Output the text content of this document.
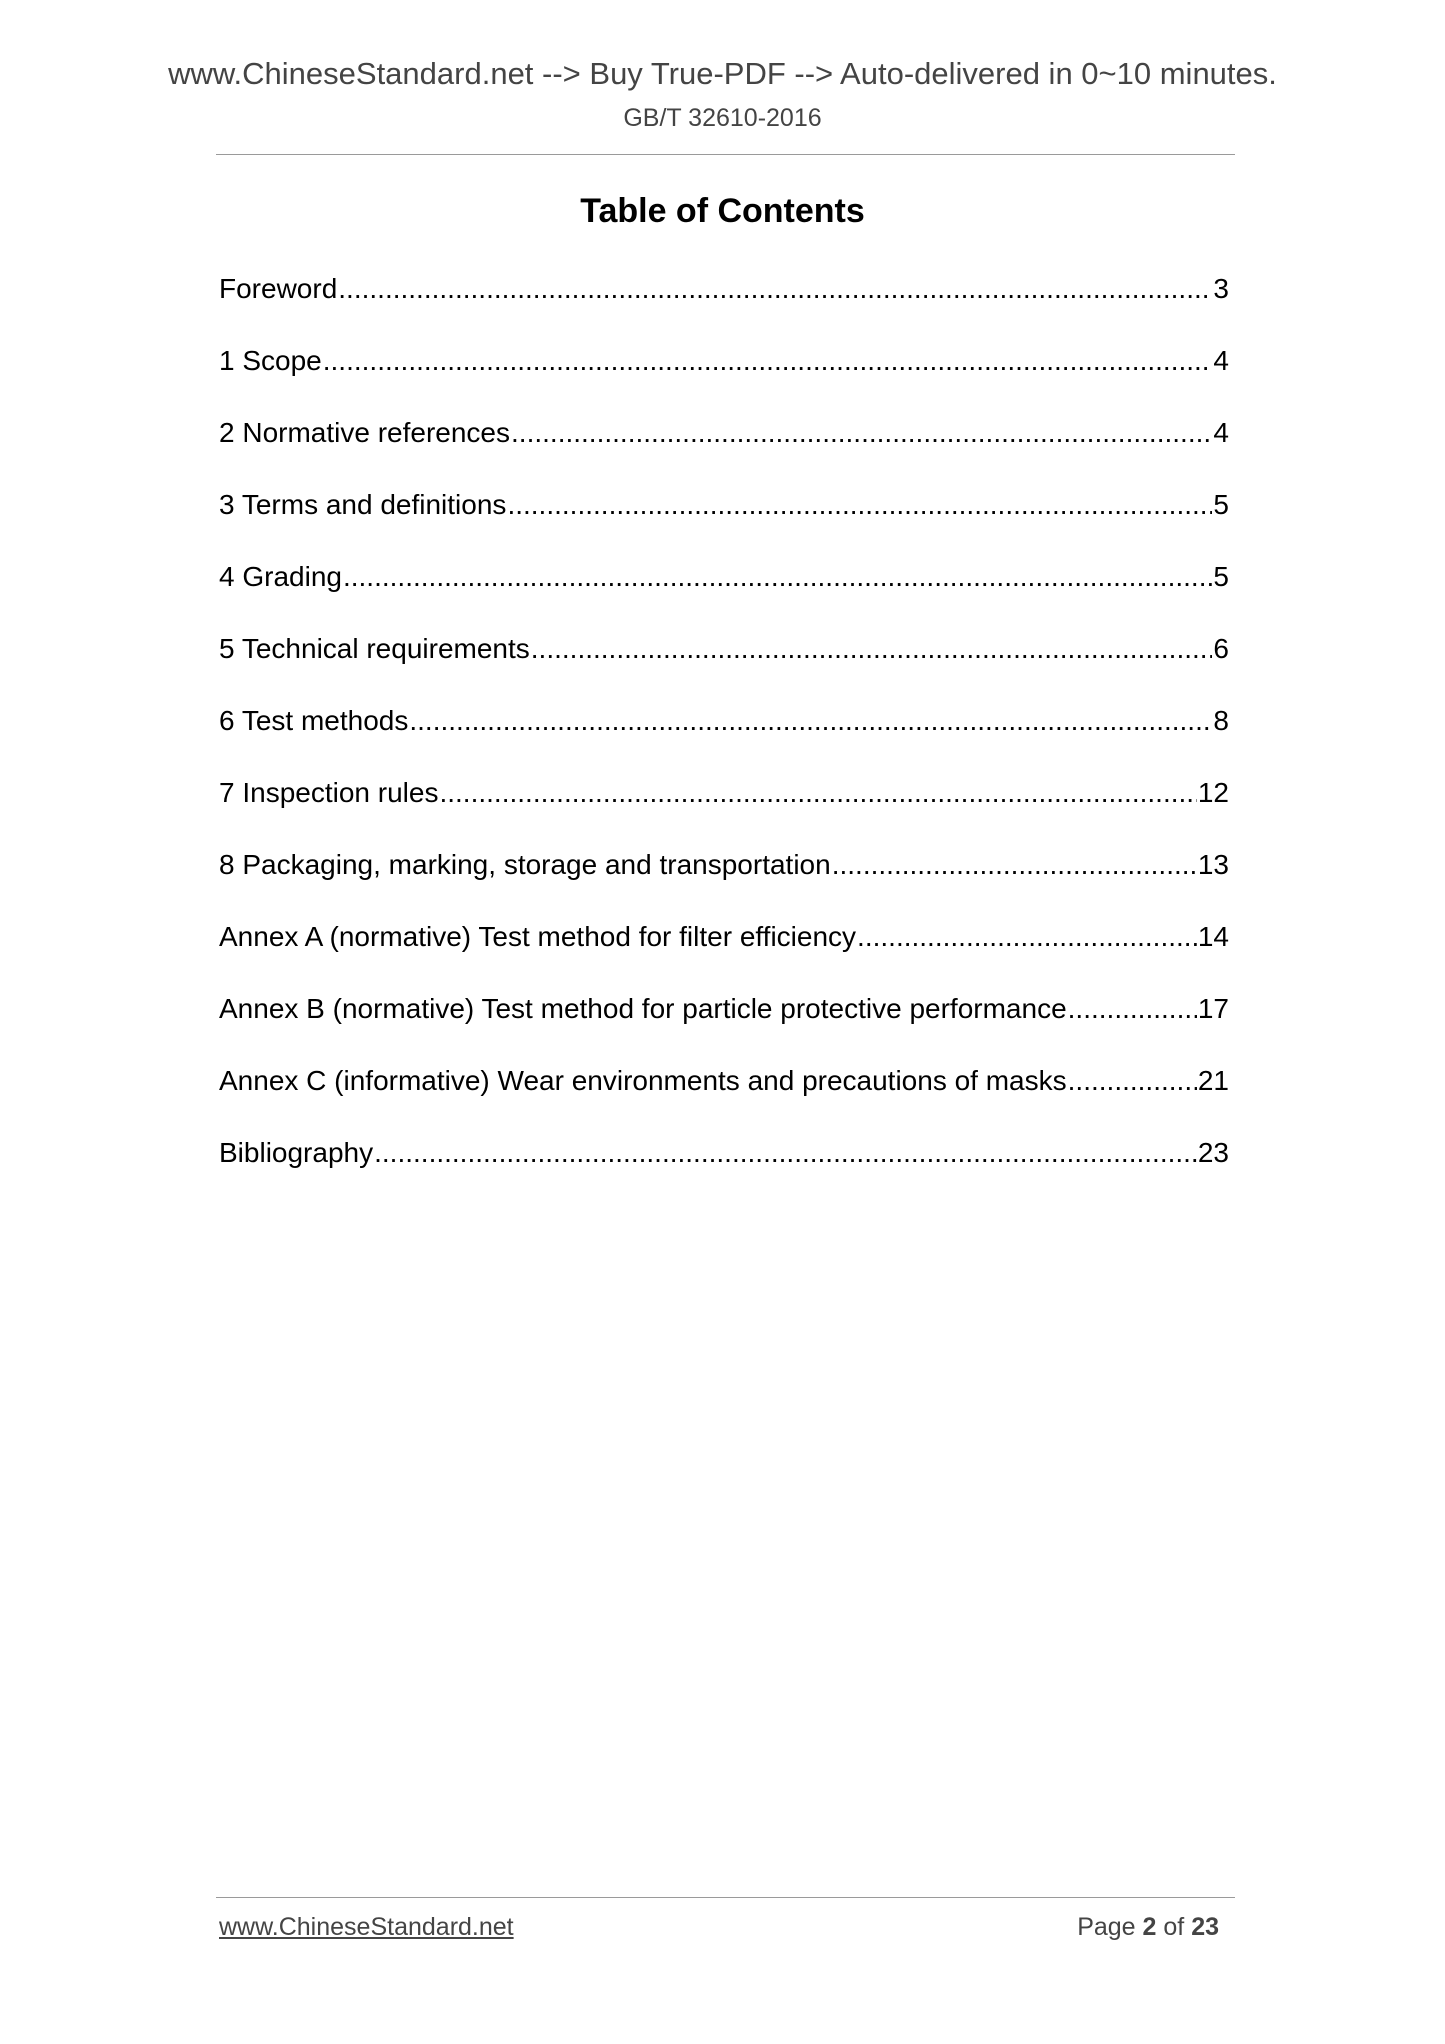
www.ChineseStandard.net --> Buy True-PDF --> Auto-delivered in 0~10 minutes.
GB/T 32610-2016
Table of Contents
Foreword .....	3
1 Scope .....	4
2 Normative references .....	4
3 Terms and definitions .....	5
4 Grading .....	5
5 Technical requirements .....	6
6 Test methods .....	8
7 Inspection rules .....	12
8 Packaging, marking, storage and transportation .....	13
Annex A (normative) Test method for filter efficiency .....	14
Annex B (normative) Test method for particle protective performance .....	17
Annex C (informative) Wear environments and precautions of masks .....	21
Bibliography .....	23
www.ChineseStandard.net	Page 2 of 23
